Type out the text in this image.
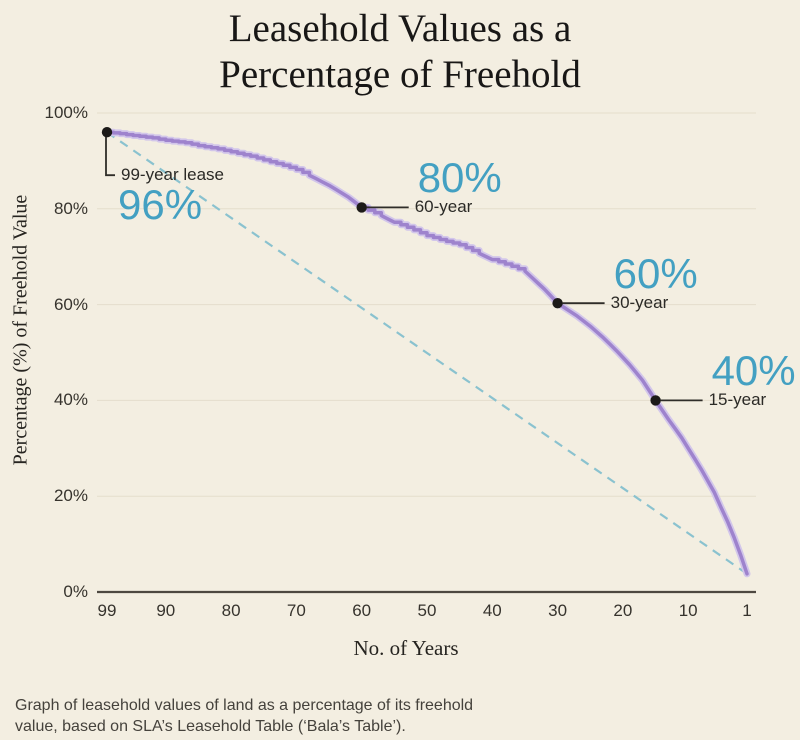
Leasehold Values as a
Percentage of Freehold
Percentage (%) of Freehold Value
100%
80%
60%
40%
20%
0%
99 90	80	70	60	50	40	30	20	10	1
99-year lease
96%	60-year
80%
30-year
60%
15-year
40%
No. of Years
Graph of leasehold values of land as a percentage of its freehold
value, based on SLA’s Leasehold Table (‘Bala’s Table’).
